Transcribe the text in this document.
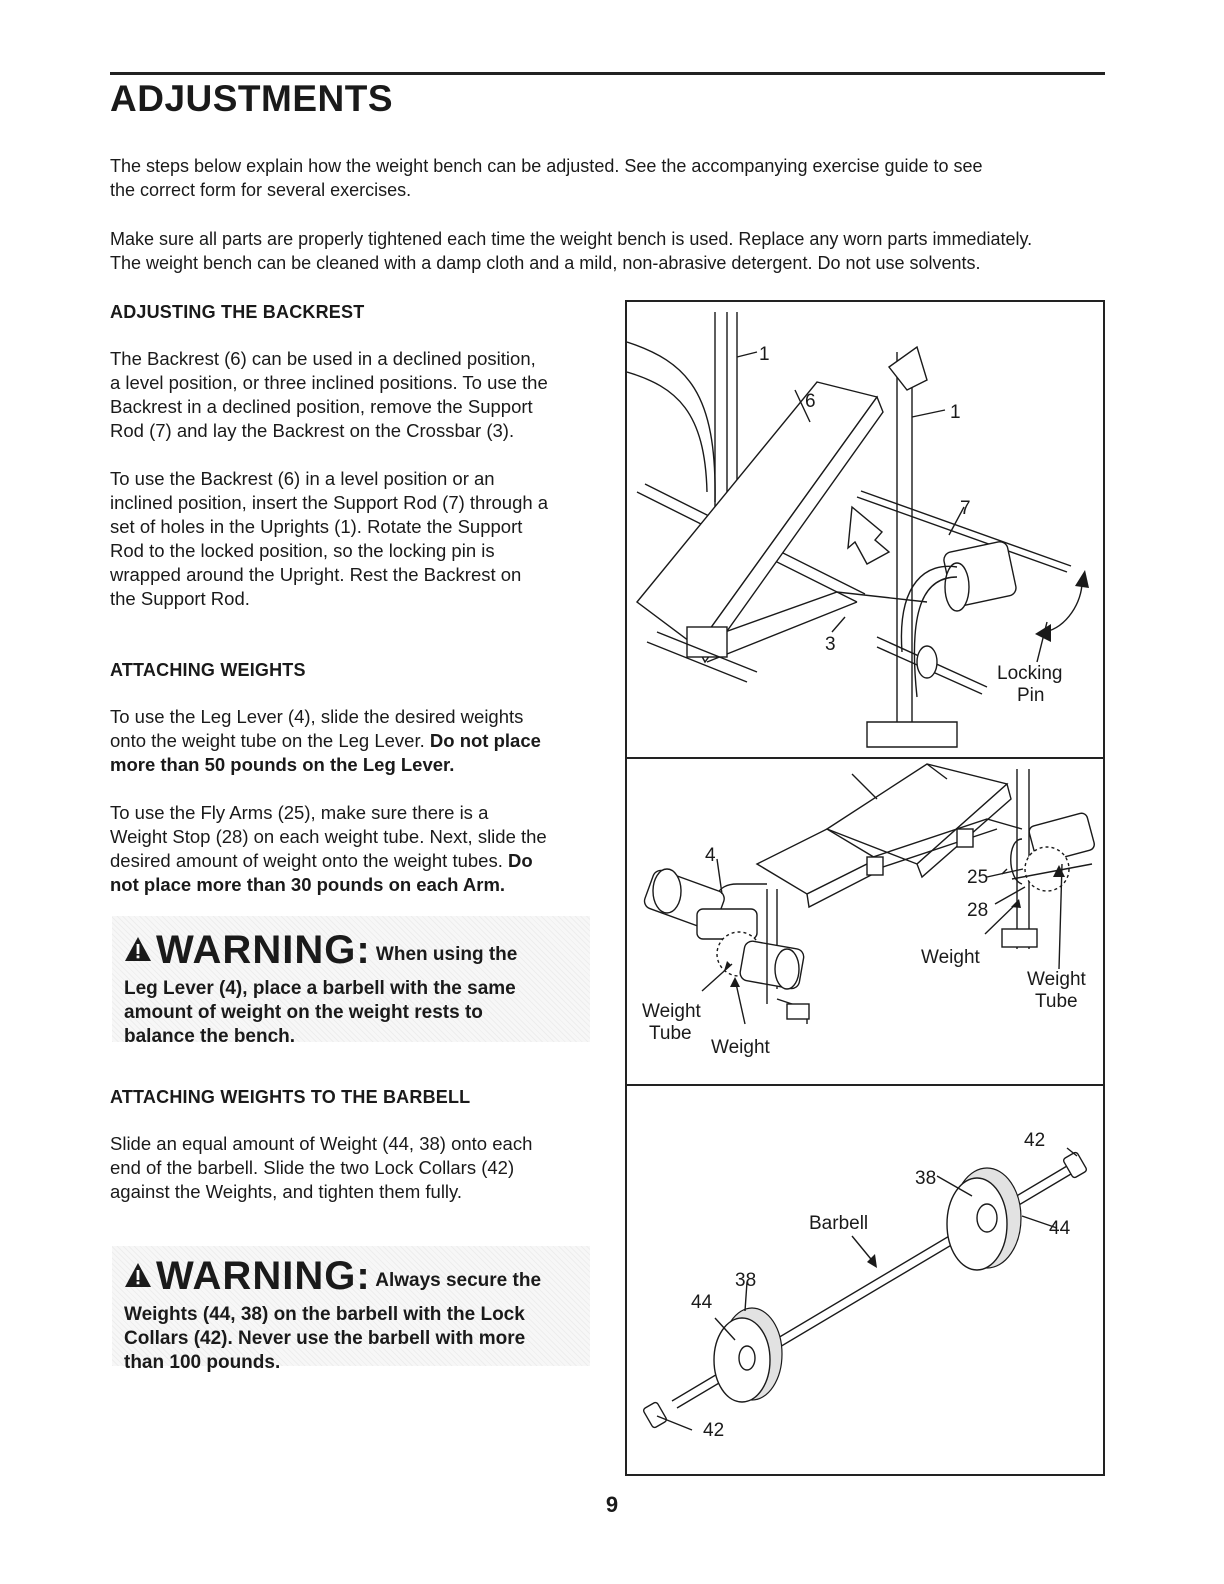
ADJUSTMENTS

The steps below explain how the weight bench can be adjusted. See the accompanying exercise guide to see
the correct form for several exercises.

Make sure all parts are properly tightened each time the weight bench is used. Replace any worn parts immediately.
The weight bench can be cleaned with a damp cloth and a mild, non-abrasive detergent. Do not use solvents.

ADJUSTING THE BACKREST

The Backrest (6) can be used in a declined position,
a level position, or three inclined positions. To use the
Backrest in a declined position, remove the Support
Rod (7) and lay the Backrest on the Crossbar (3).

To use the Backrest (6) in a level position or an
inclined position, insert the Support Rod (7) through a
set of holes in the Uprights (1). Rotate the Support
Rod to the locked position, so the locking pin is
wrapped around the Upright. Rest the Backrest on
the Support Rod.

ATTACHING WEIGHTS

To use the Leg Lever (4), slide the desired weights
onto the weight tube on the Leg Lever. Do not place
more than 50 pounds on the Leg Lever.

To use the Fly Arms (25), make sure there is a
Weight Stop (28) on each weight tube. Next, slide the
desired amount of weight onto the weight tubes. Do
not place more than 30 pounds on each Arm.

WARNING: When using the

Leg Lever (4), place a barbell with the same

amount of weight on the weight rests to

balance the bench.

ATTACHING WEIGHTS TO THE BARBELL

Slide an equal amount of Weight (44, 38) onto each
end of the barbell. Slide the two Lock Collars (42)
against the Weights, and tighten them fully.

WARNING: Always secure the

Weights (44, 38) on the barbell with the Lock

Collars (42). Never use the barbell with more

than 100 pounds.

1
1
6
7
3
Locking
Pin
4
25
28
Weight
Weight
Tube
Weight
Tube
Weight
42
38
44
Barbell
38
44
42

9
